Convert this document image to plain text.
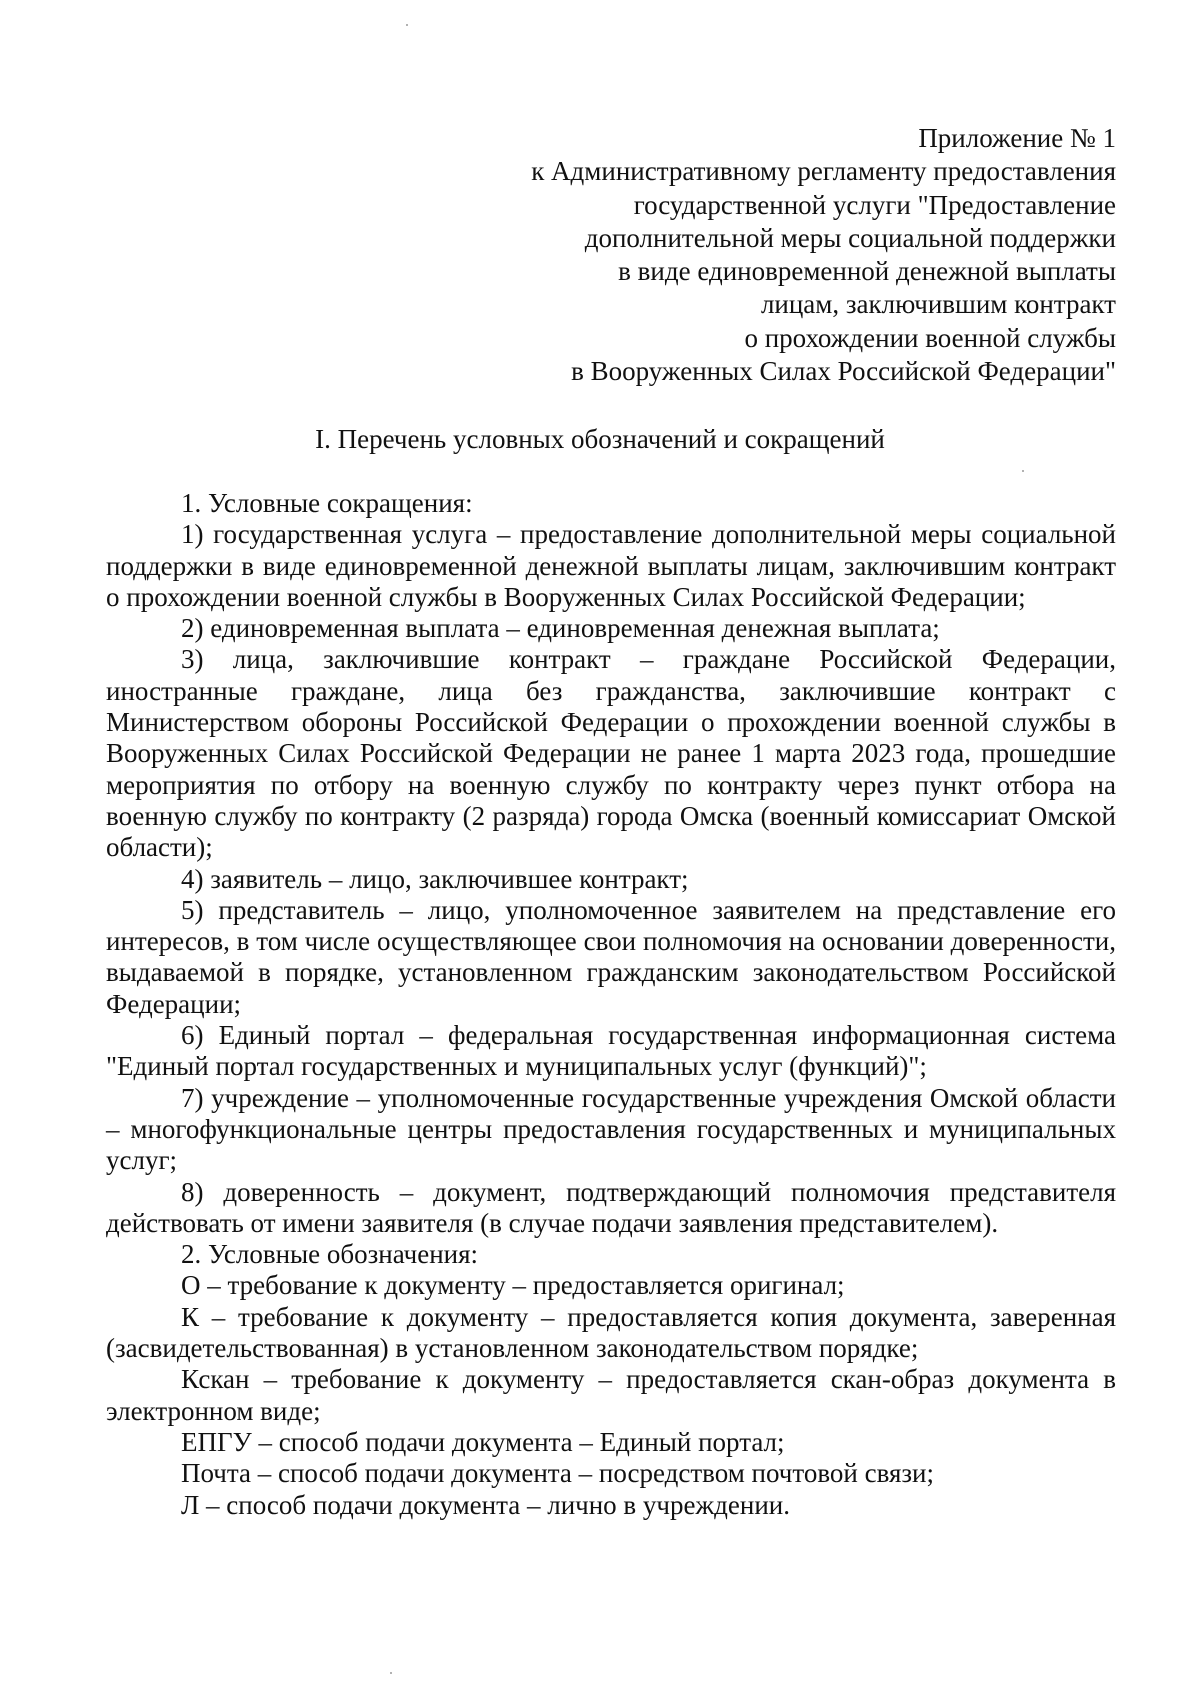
Приложение № 1
к Административному регламенту предоставления
государственной услуги "Предоставление
дополнительной меры социальной поддержки
в виде единовременной денежной выплаты
лицам, заключившим контракт
о прохождении военной службы
в Вооруженных Силах Российской Федерации"
I. Перечень условных обозначений и сокращений

1. Условные сокращения:

1) государственная услуга – предоставление дополнительной меры социальной поддержки в виде единовременной денежной выплаты лицам, заключившим контракт о прохождении военной службы в Вооруженных Силах Российской Федерации;

2) единовременная выплата – единовременная денежная выплата;

3) лица, заключившие контракт – граждане Российской Федерации, иностранные граждане, лица без гражданства, заключившие контракт с Министерством обороны Российской Федерации о прохождении военной службы в Вооруженных Силах Российской Федерации не ранее 1 марта 2023 года, прошедшие мероприятия по отбору на военную службу по контракту через пункт отбора на военную службу по контракту (2 разряда) города Омска (военный комиссариат Омской области);

4) заявитель – лицо, заключившее контракт;

5) представитель – лицо, уполномоченное заявителем на представление его интересов, в том числе осуществляющее свои полномочия на основании доверенности, выдаваемой в порядке, установленном гражданским законодательством Российской Федерации;

6) Единый портал – федеральная государственная информационная система "Единый портал государственных и муниципальных услуг (функций)";

7) учреждение – уполномоченные государственные учреждения Омской области – многофункциональные центры предоставления государственных и муниципальных услуг;

8) доверенность – документ, подтверждающий полномочия представителя действовать от имени заявителя (в случае подачи заявления представителем).

2. Условные обозначения:

О – требование к документу – предоставляется оригинал;

К – требование к документу – предоставляется копия документа, заверенная (засвидетельствованная) в установленном законодательством порядке;

Кскан – требование к документу – предоставляется скан-образ документа в электронном виде;

ЕПГУ – способ подачи документа – Единый портал;

Почта – способ подачи документа – посредством почтовой связи;

Л – способ подачи документа – лично в учреждении.
